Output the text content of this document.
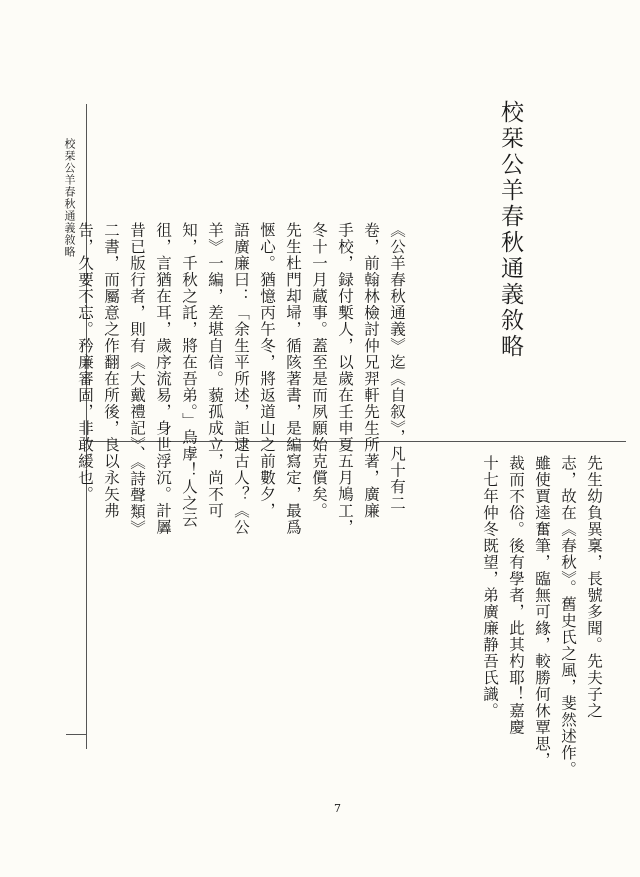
校栞公羊春秋通義敘略	校栞公羊春秋通義敘略
《公羊春秋通義》迄《自叙》，凡十有二
卷，前翰林檢討仲兄羿軒先生所著，廣廉
手校，録付槧人，以歲在壬申夏五月鳩工，
冬十一月蔵事。蓋至是而夙願始克償矣。
先生杜門却埽，循陔著書，是編寫定，最爲
愜心。猶憶丙午冬，將返道山之前數夕，
語廣廉曰：「余生平所述，詎逮古人？《公
羊》一編，差堪自信。藐孤成立，尚不可
知，千秋之託，將在吾弟。」烏虖！人之云
徂，言猶在耳，歲序流易，身世浮沉。計羼
昔已版行者，則有《大戴禮記》、《詩聲類》
二書，而屬意之作翻在所後，良以永矢弗
告，久要不忘。矜廉審固，非敢緩也。
先生幼負異稟，長號多聞。先夫子之
志，故在《春秋》。舊史氏之風，斐然述作。
雖使賈逵奮筆，臨無可緣，較勝何休覃思，
裁而不俗。後有學者，此其杓耶！嘉慶
十七年仲冬既望，弟廣廉静吾氏識。
7
